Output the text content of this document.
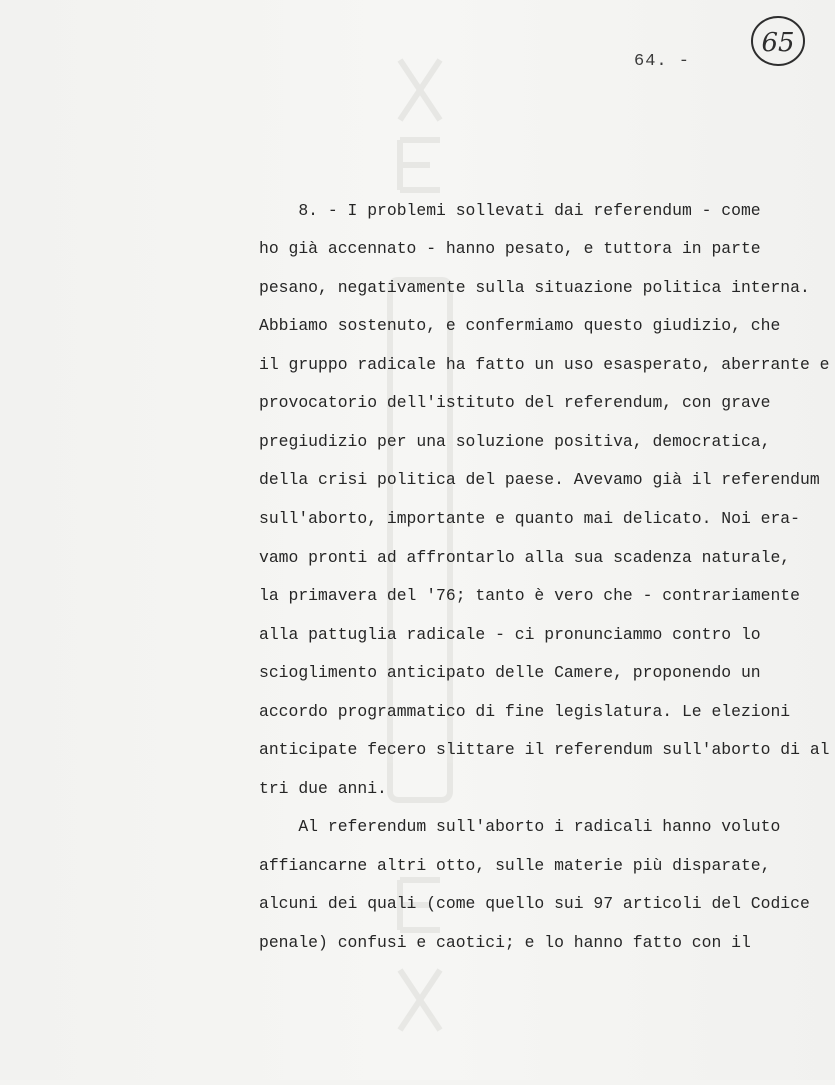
64. -
65
8. - I problemi sollevati dai referendum - come
ho già accennato - hanno pesato, e tuttora in parte
pesano, negativamente sulla situazione politica interna.
Abbiamo sostenuto, e confermiamo questo giudizio, che
il gruppo radicale ha fatto un uso esasperato, aberrante e
provocatorio dell'istituto del referendum, con grave
pregiudizio per una soluzione positiva, democratica,
della crisi politica del paese. Avevamo già il referendum
sull'aborto, importante e quanto mai delicato. Noi era-
vamo pronti ad affrontarlo alla sua scadenza naturale,
la primavera del '76; tanto è vero che - contrariamente
alla pattuglia radicale - ci pronunciammo contro lo
scioglimento anticipato delle Camere, proponendo un
accordo programmatico di fine legislatura. Le elezioni
anticipate fecero slittare il referendum sull'aborto di al
tri due anni.
Al referendum sull'aborto i radicali hanno voluto
affiancarne altri otto, sulle materie più disparate,
alcuni dei quali (come quello sui 97 articoli del Codice
penale) confusi e caotici; e lo hanno fatto con il
